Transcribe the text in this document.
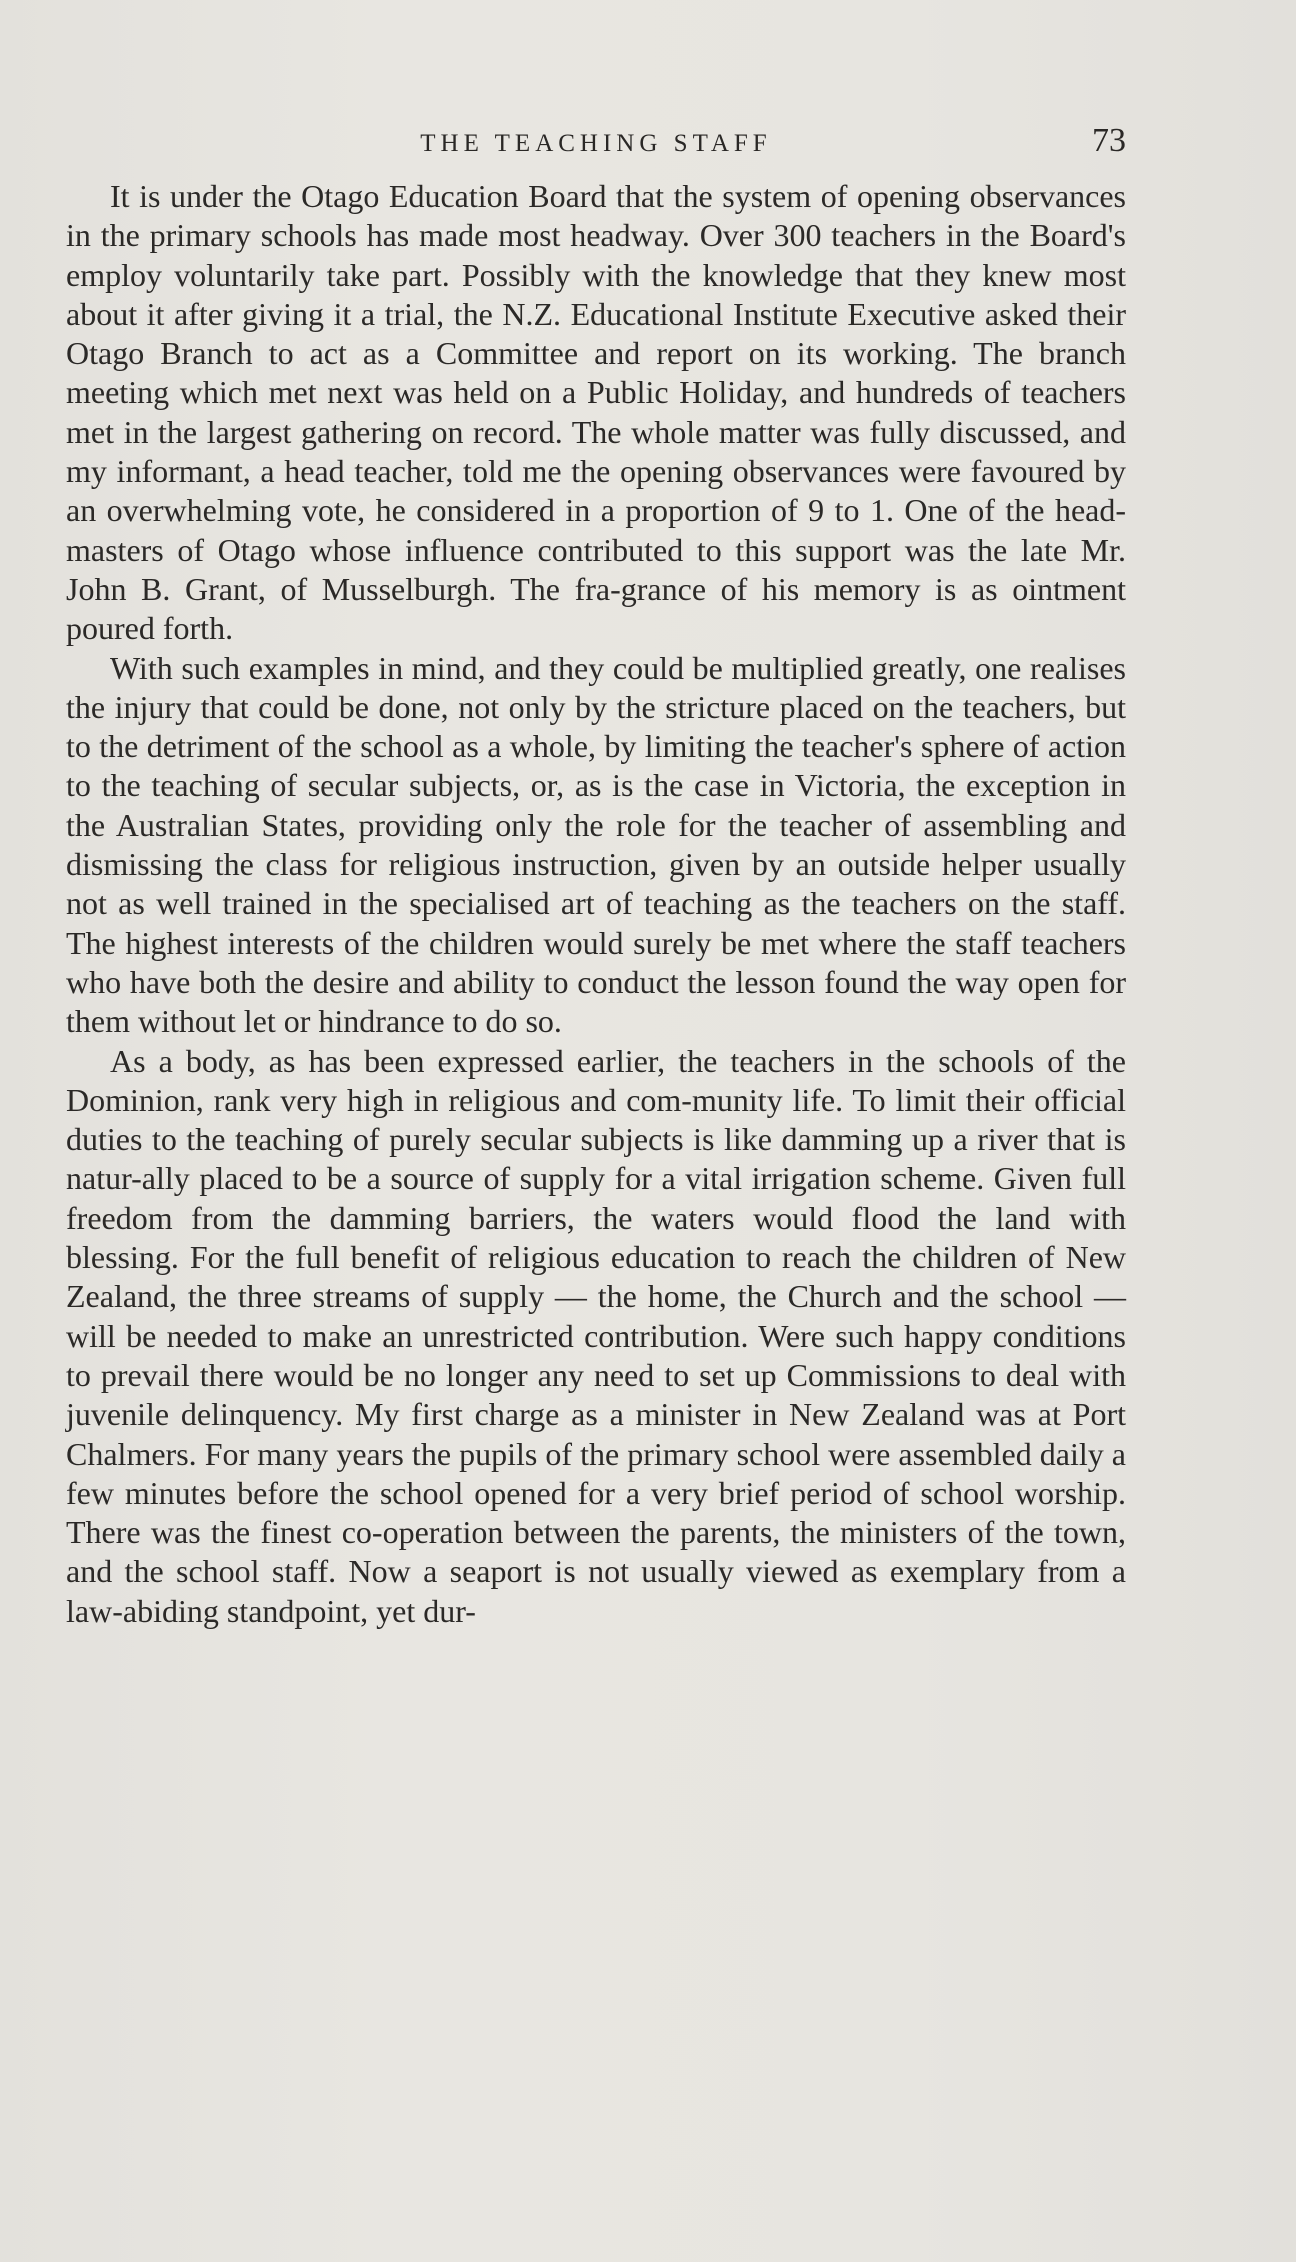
THE TEACHING STAFF	73

It is under the Otago Education Board that the system of opening observances in the primary schools has made most headway. Over 300 teachers in the Board's employ voluntarily take part. Possibly with the knowledge that they knew most about it after giving it a trial, the N.Z. Educational Institute Executive asked their Otago Branch to act as a Committee and report on its working. The branch meeting which met next was held on a Public Holiday, and hundreds of teachers met in the largest gathering on record. The whole matter was fully discussed, and my informant, a head teacher, told me the opening observances were favoured by an overwhelming vote, he considered in a proportion of 9 to 1. One of the head-masters of Otago whose influence contributed to this support was the late Mr. John B. Grant, of Musselburgh. The fra-grance of his memory is as ointment poured forth.

With such examples in mind, and they could be multiplied greatly, one realises the injury that could be done, not only by the stricture placed on the teachers, but to the detriment of the school as a whole, by limiting the teacher's sphere of action to the teaching of secular subjects, or, as is the case in Victoria, the exception in the Australian States, providing only the role for the teacher of assembling and dismissing the class for religious instruction, given by an outside helper usually not as well trained in the specialised art of teaching as the teachers on the staff. The highest interests of the children would surely be met where the staff teachers who have both the desire and ability to conduct the lesson found the way open for them without let or hindrance to do so.

As a body, as has been expressed earlier, the teachers in the schools of the Dominion, rank very high in religious and com-munity life. To limit their official duties to the teaching of purely secular subjects is like damming up a river that is natur-ally placed to be a source of supply for a vital irrigation scheme. Given full freedom from the damming barriers, the waters would flood the land with blessing. For the full benefit of religious education to reach the children of New Zealand, the three streams of supply — the home, the Church and the school — will be needed to make an unrestricted contribution. Were such happy conditions to prevail there would be no longer any need to set up Commissions to deal with juvenile delinquency. My first charge as a minister in New Zealand was at Port Chalmers. For many years the pupils of the primary school were assembled daily a few minutes before the school opened for a very brief period of school worship. There was the finest co-operation between the parents, the ministers of the town, and the school staff. Now a seaport is not usually viewed as exemplary from a law-abiding standpoint, yet dur-
